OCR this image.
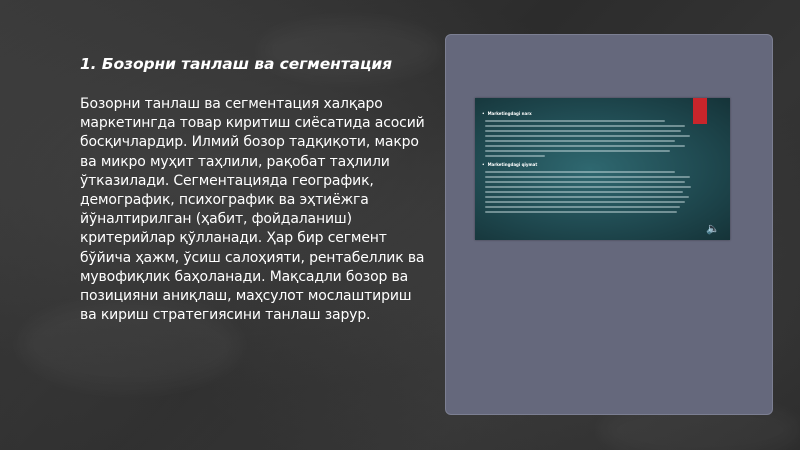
1. Бозорни танлаш ва сегментация

Бозорни танлаш ва сегментация халқаро маркетингда товар киритиш сиёсатида асосий босқичлардир. Илмий бозор тадқиқоти, макро ва микро муҳит таҳлили, рақобат таҳлили ўтказилади. Сегментацияда географик, демографик, психографик ва эҳтиёжга йўналтирилган (ҳабит, фойдаланиш) критерийлар қўлланади. Ҳар бир сегмент бўйича ҳажм, ўсиш салоҳияти, рентабеллик ва мувофиқлик баҳоланади. Мақсадли бозор ва позицияни аниқлаш, маҳсулот мослаштириш ва кириш стратегиясини танлаш зарур.

• Marketingdagi narx
• Marketingdagi qiymat
🔈
